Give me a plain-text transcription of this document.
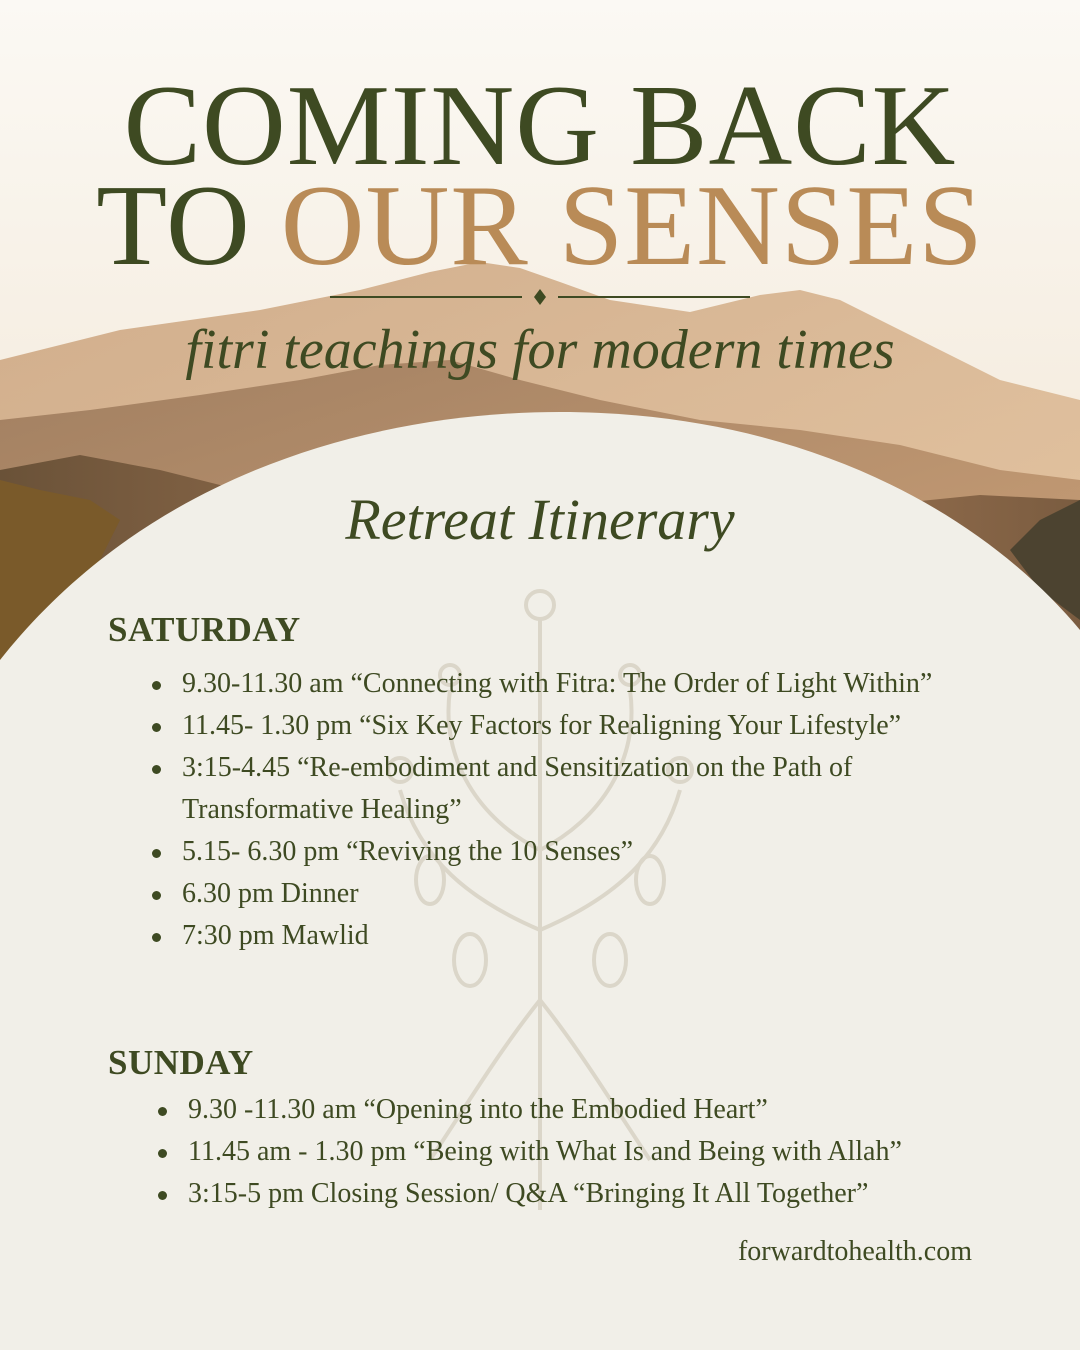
COMING BACK
TO OUR SENSES
fitri teachings for modern times
Retreat Itinerary
SATURDAY
9.30-11.30 am “Connecting with Fitra: The Order of Light Within”
11.45- 1.30 pm “Six Key Factors for Realigning Your Lifestyle”
3:15-4.45 “Re-embodiment and Sensitization on the Path of Transformative Healing”
5.15- 6.30 pm “Reviving the 10 Senses”
6.30 pm Dinner
7:30 pm Mawlid
SUNDAY
9.30 -11.30 am “Opening into the Embodied Heart”
11.45 am - 1.30 pm “Being with What Is and Being with Allah”
3:15-5 pm Closing Session/ Q&A “Bringing It All Together”
forwardtohealth.com
